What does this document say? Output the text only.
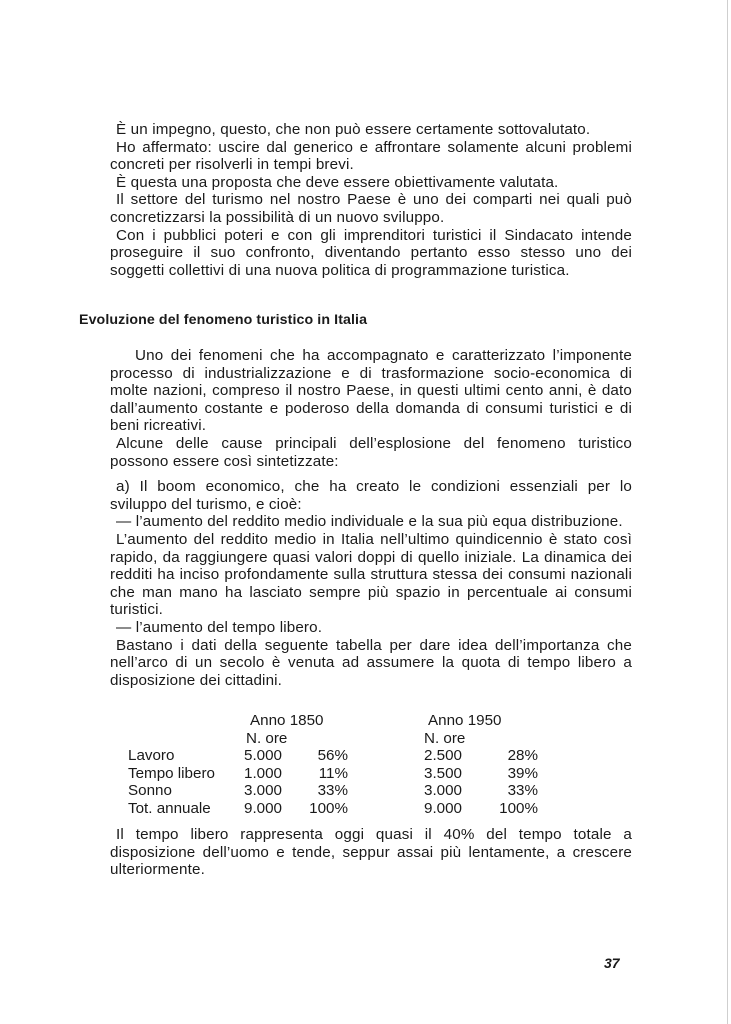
È un impegno, questo, che non può essere certamente sottovalutato.

Ho affermato: uscire dal generico e affrontare solamente alcuni problemi concreti per risolverli in tempi brevi.

È questa una proposta che deve essere obiettivamente valutata.

Il settore del turismo nel nostro Paese è uno dei comparti nei quali può concretizzarsi la possibilità di un nuovo sviluppo.

Con i pubblici poteri e con gli imprenditori turistici il Sindacato intende proseguire il suo confronto, diventando pertanto esso stesso uno dei soggetti collettivi di una nuova politica di programmazione turistica.

Evoluzione del fenomeno turistico in Italia

Uno dei fenomeni che ha accompagnato e caratterizzato l’imponente processo di industrializzazione e di trasformazione socio-economica di molte nazioni, compreso il nostro Paese, in questi ultimi cento anni, è dato dall’aumento costante e poderoso della domanda di consumi turistici e di beni ricreativi.

Alcune delle cause principali dell’esplosione del fenomeno turistico possono essere così sintetizzate:

a) Il boom economico, che ha creato le condizioni essenziali per lo sviluppo del turismo, e cioè:

— l’aumento del reddito medio individuale e la sua più equa distribuzione.

L’aumento del reddito medio in Italia nell’ultimo quindicennio è stato così rapido, da raggiungere quasi valori doppi di quello iniziale. La dinamica dei redditi ha inciso profondamente sulla struttura stessa dei consumi nazionali che man mano ha lasciato sempre più spazio in percentuale ai consumi turistici.

— l’aumento del tempo libero.

Bastano i dati della seguente tabella per dare idea dell’importanza che nell’arco di un secolo è venuta ad assumere la quota di tempo libero a disposizione dei cittadini.

	Anno 1850			Anno 1950	
	N. ore			N. ore	
Lavoro	5.000	56%		2.500	28%
Tempo libero	1.000	11%		3.500	39%
Sonno	3.000	33%		3.000	33%
Tot. annuale	9.000	100%		9.000	100%

Il tempo libero rappresenta oggi quasi il 40% del tempo totale a disposizione dell’uomo e tende, seppur assai più lentamente, a crescere ulteriormente.

37
